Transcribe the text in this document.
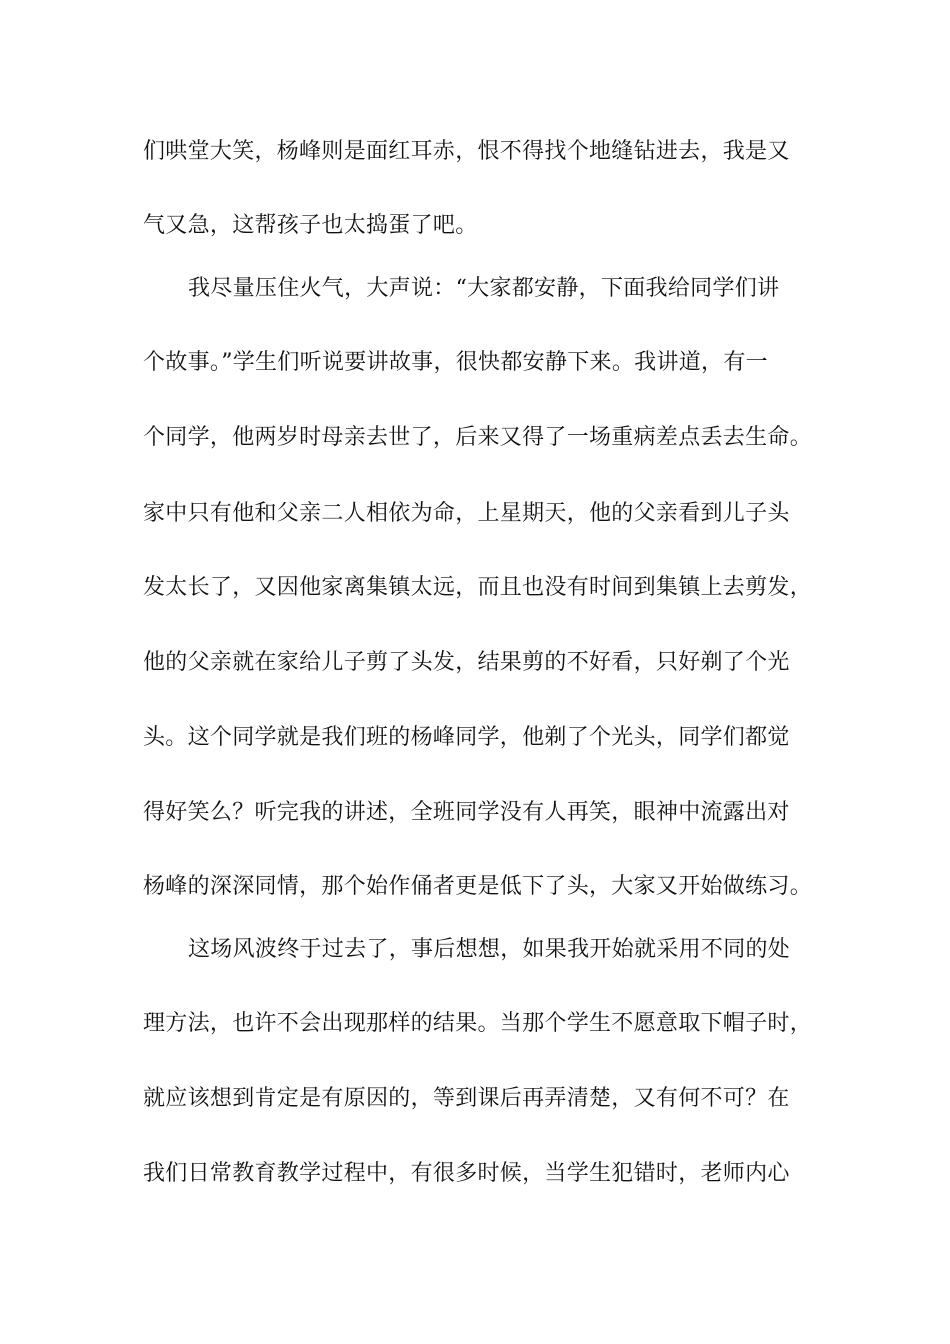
们哄堂大笑，杨峰则是面红耳赤，恨不得找个地缝钻进去，我是又
气又急，这帮孩子也太捣蛋了吧。
我尽量压住火气，大声说：“大家都安静，下面我给同学们讲
个故事。”学生们听说要讲故事，很快都安静下来。我讲道，有一
个同学，他两岁时母亲去世了，后来又得了一场重病差点丢去生命。
家中只有他和父亲二人相依为命，上星期天，他的父亲看到儿子头
发太长了，又因他家离集镇太远，而且也没有时间到集镇上去剪发，
他的父亲就在家给儿子剪了头发，结果剪的不好看，只好剃了个光
头。这个同学就是我们班的杨峰同学，他剃了个光头，同学们都觉
得好笑么？听完我的讲述，全班同学没有人再笑，眼神中流露出对
杨峰的深深同情，那个始作俑者更是低下了头，大家又开始做练习。
这场风波终于过去了，事后想想，如果我开始就采用不同的处
理方法，也许不会出现那样的结果。当那个学生不愿意取下帽子时，
就应该想到肯定是有原因的，等到课后再弄清楚，又有何不可？在
我们日常教育教学过程中，有很多时候，当学生犯错时，老师内心
